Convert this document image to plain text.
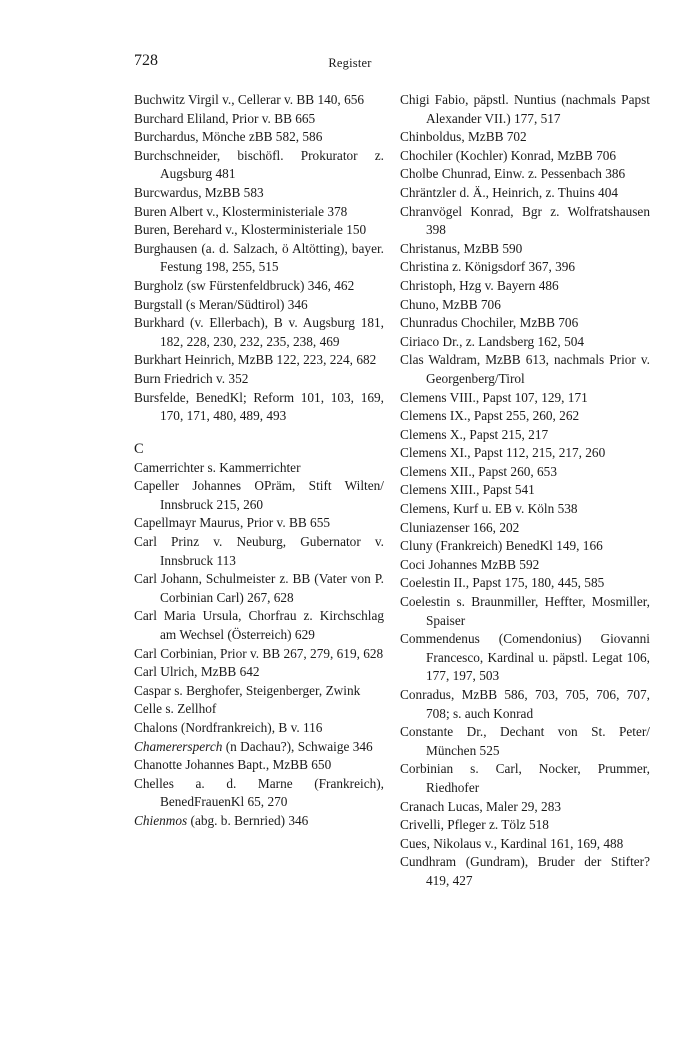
728	Register
Buchwitz Virgil v., Cellerar v. BB 140, 656
Burchard Eliland, Prior v. BB 665
Burchardus, Mönche zBB 582, 586
Burchschneider, bischöfl. Prokurator z. Augsburg 481
Burcwardus, MzBB 583
Buren Albert v., Klosterministeriale 378
Buren, Berehard v., Klosterministeriale 150
Burghausen (a. d. Salzach, ö Altötting), bayer. Festung 198, 255, 515
Burgholz (sw Fürstenfeldbruck) 346, 462
Burgstall (s Meran/Südtirol) 346
Burkhard (v. Ellerbach), B v. Augsburg 181, 182, 228, 230, 232, 235, 238, 469
Burkhart Heinrich, MzBB 122, 223, 224, 682
Burn Friedrich v. 352
Bursfelde, BenedKl; Reform 101, 103, 169, 170, 171, 480, 489, 493
C
Camerrichter s. Kammerrichter
Capeller Johannes OPräm, Stift Wilten/ Innsbruck 215, 260
Capellmayr Maurus, Prior v. BB 655
Carl Prinz v. Neuburg, Gubernator v. Innsbruck 113
Carl Johann, Schulmeister z. BB (Vater von P. Corbinian Carl) 267, 628
Carl Maria Ursula, Chorfrau z. Kirchschlag am Wechsel (Österreich) 629
Carl Corbinian, Prior v. BB 267, 279, 619, 628
Carl Ulrich, MzBB 642
Caspar s. Berghofer, Steigenberger, Zwink
Celle s. Zellhof
Chalons (Nordfrankreich), B v. 116
Chamerersperch (n Dachau?), Schwaige 346
Chanotte Johannes Bapt., MzBB 650
Chelles a. d. Marne (Frankreich), BenedFrauenKl 65, 270
Chienmos (abg. b. Bernried) 346
Chigi Fabio, päpstl. Nuntius (nachmals Papst Alexander VII.) 177, 517
Chinboldus, MzBB 702
Chochiler (Kochler) Konrad, MzBB 706
Cholbe Chunrad, Einw. z. Pessenbach 386
Chräntzler d. Ä., Heinrich, z. Thuins 404
Chranvögel Konrad, Bgr z. Wolfratshausen 398
Christanus, MzBB 590
Christina z. Königsdorf 367, 396
Christoph, Hzg v. Bayern 486
Chuno, MzBB 706
Chunradus Chochiler, MzBB 706
Ciriaco Dr., z. Landsberg 162, 504
Clas Waldram, MzBB 613, nachmals Prior v. Georgenberg/Tirol
Clemens VIII., Papst 107, 129, 171
Clemens IX., Papst 255, 260, 262
Clemens X., Papst 215, 217
Clemens XI., Papst 112, 215, 217, 260
Clemens XII., Papst 260, 653
Clemens XIII., Papst 541
Clemens, Kurf u. EB v. Köln 538
Cluniazenser 166, 202
Cluny (Frankreich) BenedKl 149, 166
Coci Johannes MzBB 592
Coelestin II., Papst 175, 180, 445, 585
Coelestin s. Braunmiller, Heffter, Mosmiller, Spaiser
Commendenus (Comendonius) Giovanni Francesco, Kardinal u. päpstl. Legat 106, 177, 197, 503
Conradus, MzBB 586, 703, 705, 706, 707, 708; s. auch Konrad
Constante Dr., Dechant von St. Peter/ München 525
Corbinian s. Carl, Nocker, Prummer, Riedhofer
Cranach Lucas, Maler 29, 283
Crivelli, Pfleger z. Tölz 518
Cues, Nikolaus v., Kardinal 161, 169, 488
Cundhram (Gundram), Bruder der Stifter? 419, 427
